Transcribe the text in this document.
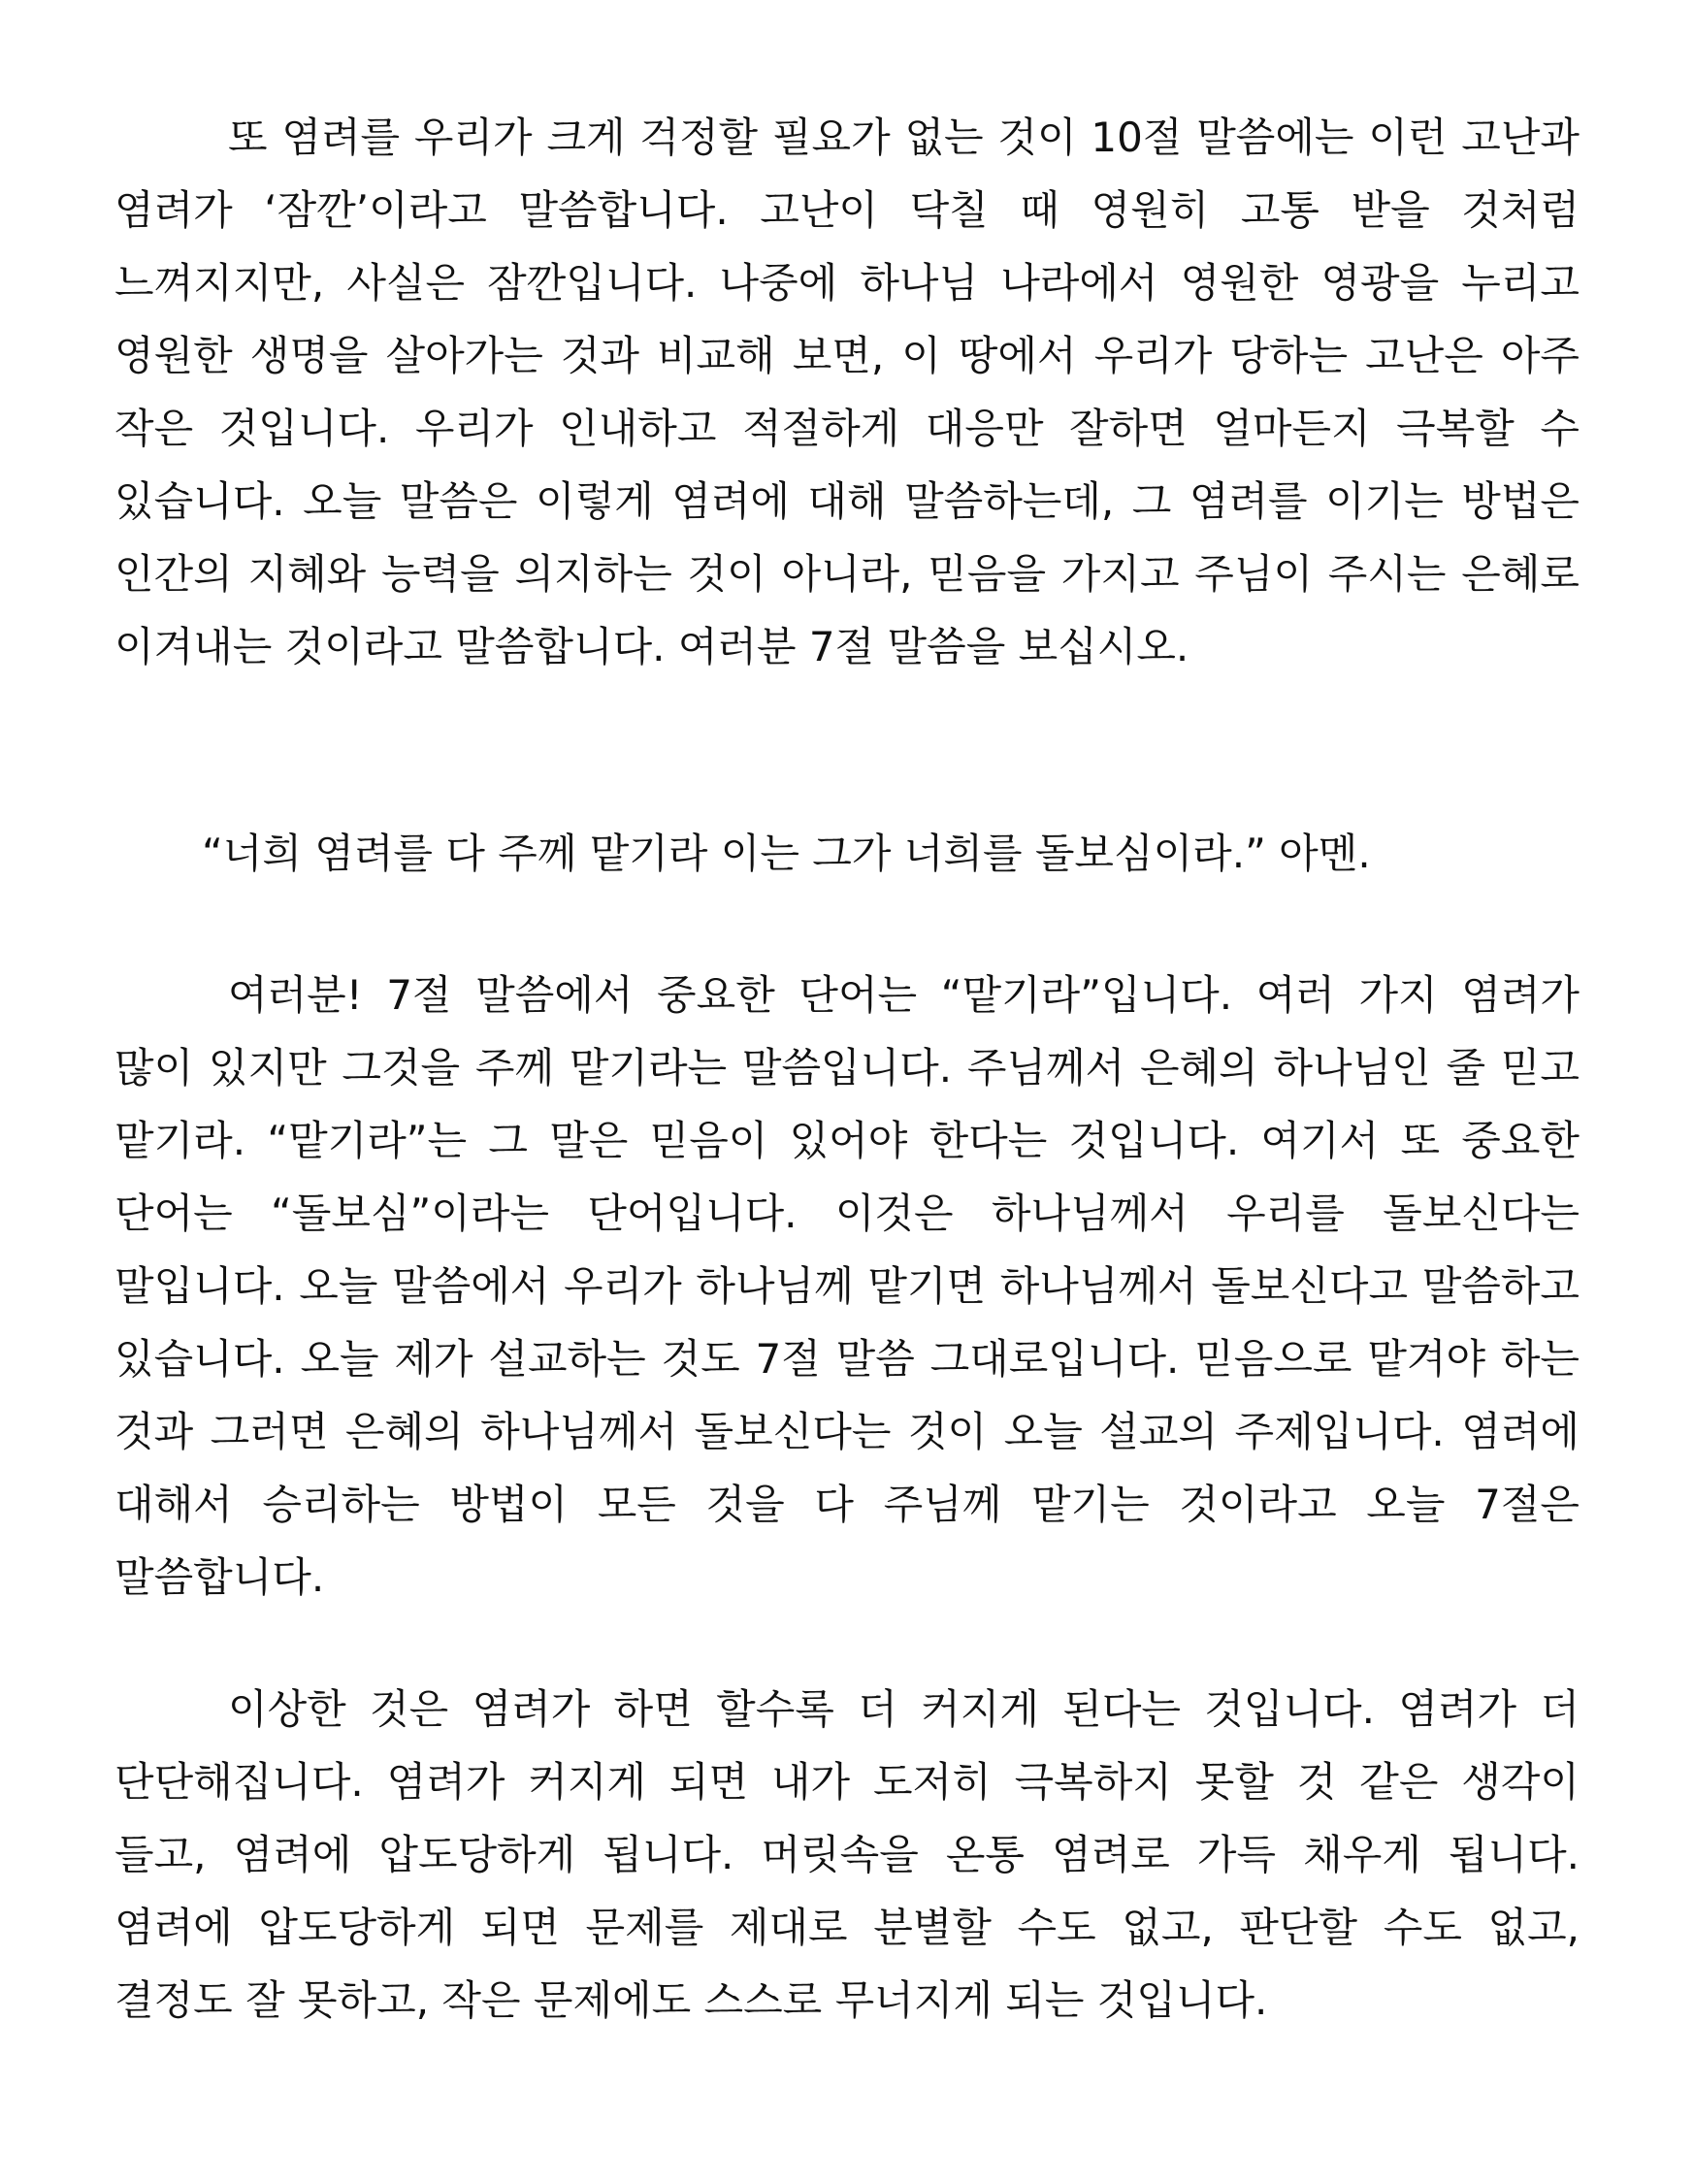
또 염려를 우리가 크게 걱정할 필요가 없는 것이 10절 말씀에는 이런 고난과 염려가 ‘잠깐’이라고 말씀합니다. 고난이 닥칠 때 영원히 고통 받을 것처럼 느껴지지만, 사실은 잠깐입니다. 나중에 하나님 나라에서 영원한 영광을 누리고 영원한 생명을 살아가는 것과 비교해 보면, 이 땅에서 우리가 당하는 고난은 아주 작은 것입니다. 우리가 인내하고 적절하게 대응만 잘하면 얼마든지 극복할 수 있습니다. 오늘 말씀은 이렇게 염려에 대해 말씀하는데, 그 염려를 이기는 방법은 인간의 지혜와 능력을 의지하는 것이 아니라, 믿음을 가지고 주님이 주시는 은혜로 이겨내는 것이라고 말씀합니다. 여러분 7절 말씀을 보십시오.

“너희 염려를 다 주께 맡기라 이는 그가 너희를 돌보심이라.” 아멘.

여러분! 7절 말씀에서 중요한 단어는 “맡기라”입니다. 여러 가지 염려가 많이 있지만 그것을 주께 맡기라는 말씀입니다. 주님께서 은혜의 하나님인 줄 믿고 맡기라. “맡기라”는 그 말은 믿음이 있어야 한다는 것입니다. 여기서 또 중요한 단어는 “돌보심”이라는 단어입니다. 이것은 하나님께서 우리를 돌보신다는 말입니다. 오늘 말씀에서 우리가 하나님께 맡기면 하나님께서 돌보신다고 말씀하고 있습니다. 오늘 제가 설교하는 것도 7절 말씀 그대로입니다. 믿음으로 맡겨야 하는 것과 그러면 은혜의 하나님께서 돌보신다는 것이 오늘 설교의 주제입니다. 염려에 대해서 승리하는 방법이 모든 것을 다 주님께 맡기는 것이라고 오늘 7절은 말씀합니다.

이상한 것은 염려가 하면 할수록 더 커지게 된다는 것입니다. 염려가 더 단단해집니다. 염려가 커지게 되면 내가 도저히 극복하지 못할 것 같은 생각이 들고, 염려에 압도당하게 됩니다. 머릿속을 온통 염려로 가득 채우게 됩니다. 염려에 압도당하게 되면 문제를 제대로 분별할 수도 없고, 판단할 수도 없고, 결정도 잘 못하고, 작은 문제에도 스스로 무너지게 되는 것입니다.
